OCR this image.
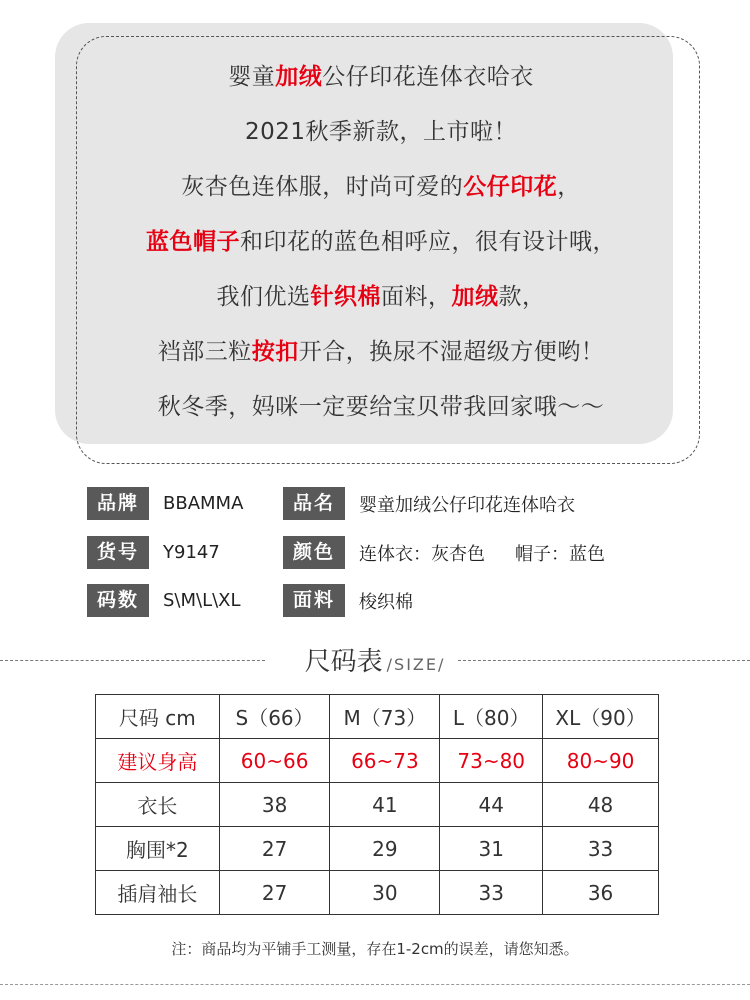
婴童加绒公仔印花连体衣哈衣
2021秋季新款，上市啦！
灰杏色连体服，时尚可爱的公仔印花，
蓝色帽子和印花的蓝色相呼应，很有设计哦，
我们优选针织棉面料，加绒款，
裆部三粒按扣开合，换尿不湿超级方便哟！
秋冬季，妈咪一定要给宝贝带我回家哦～～
品牌	BBAMMA	品名	婴童加绒公仔印花连体哈衣
货号	Y9147	颜色	连体衣：灰杏色 帽子：蓝色
码数	S\M\L\XL	面料	梭织棉
尺码表 /SIZE/
尺码 cm	S（66）	M（73）	L（80）	XL（90）
建议身高	60~66	66~73	73~80	80~90
衣长	38	41	44	48
胸围*2	27	29	31	33
插肩袖长	27	30	33	36
注：商品均为平铺手工测量，存在1-2cm的误差，请您知悉。
